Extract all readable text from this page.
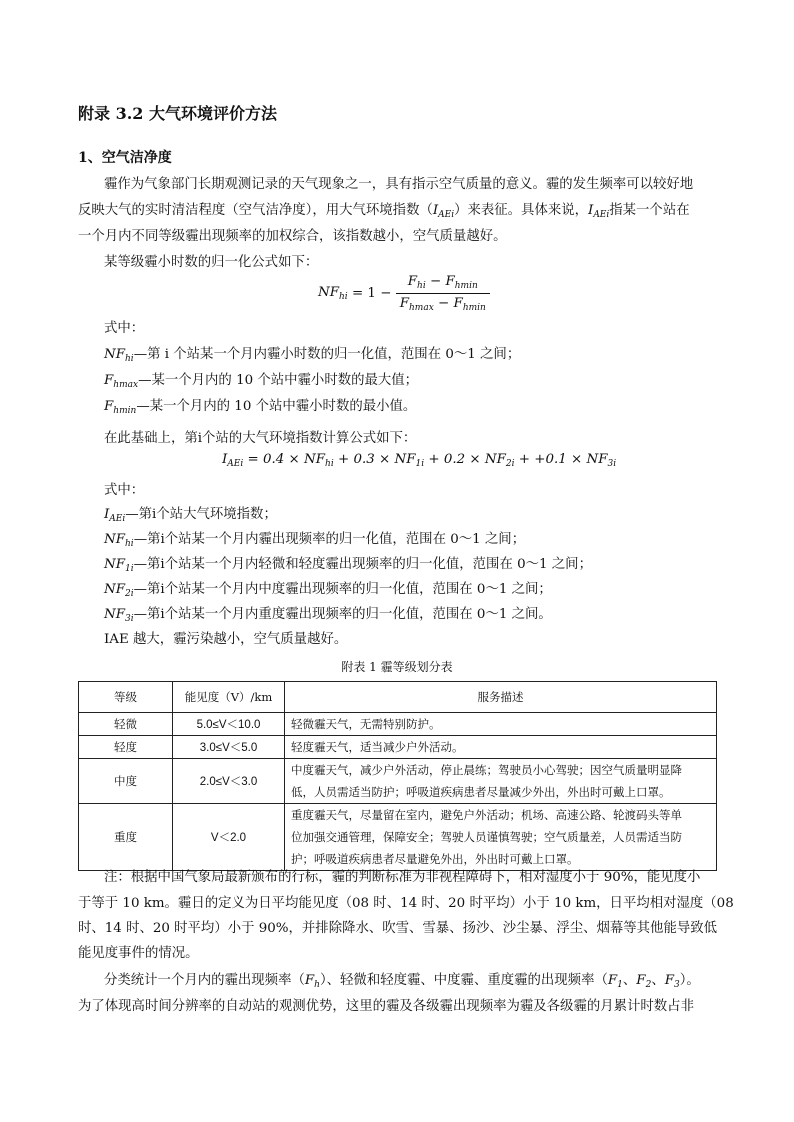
附录 3.2 大气环境评价方法
1、空气洁净度
霾作为气象部门长期观测记录的天气现象之一，具有指示空气质量的意义。霾的发生频率可以较好地
反映大气的实时清洁程度（空气洁净度），用大气环境指数$(I_{AEi})$来表征。具体来说，$I_{AEi}$指某一个站在
一个月内不同等级霾出现频率的加权综合，该指数越小，空气质量越好。
某等级霾小时数的归一化公式如下：
$NF_{hi} = 1 - \frac{F_{hi} - F_{hmin}}{F_{hmax} - F_{hmin}}$
式中：
$NF_{hi}—$第 i 个站某一个月内霾小时数的归一化值，范围在 0～1 之间；
$F_{hmax}—$某一个月内的 10 个站中霾小时数的最大值；
$F_{hmin}—$某一个月内的 10 个站中霾小时数的最小值。
在此基础上，第i个站的大气环境指数计算公式如下：
$I_{AEi} = 0.4 \times NF_{hi} + 0.3 \times NF_{1i} + 0.2 \times NF_{2i} + +0.1 \times NF_{3i}$
式中：
$I_{AEi}—$第i个站大气环境指数；
$NF_{hi}—$第i个站某一个月内霾出现频率的归一化值，范围在 0～1 之间；
$NF_{1i}—$第i个站某一个月内轻微和轻度霾出现频率的归一化值，范围在 0～1 之间；
$NF_{2i}—$第i个站某一个月内中度霾出现频率的归一化值，范围在 0～1 之间；
$NF_{3i}—$第i个站某一个月内重度霾出现频率的归一化值，范围在 0～1 之间。
IAE 越大，霾污染越小，空气质量越好。
附表 1 霾等级划分表
等级	能见度（V）/km	服务描述
轻微	5.0≤V＜10.0	轻微霾天气，无需特别防护。

轻度	3.0≤V＜5.0	轻度霾天气，适当减少户外活动。

中度	2.0≤V＜3.0	中度霾天气，减少户外活动，停止晨练；驾驶员小心驾驶；因空气质量明显降
低，人员需适当防护；呼吸道疾病患者尽量减少外出，外出时可戴上口罩。

重度	V＜2.0	重度霾天气，尽量留在室内，避免户外活动；机场、高速公路、轮渡码头等单
位加强交通管理，保障安全；驾驶人员谨慎驾驶；空气质量差，人员需适当防
护；呼吸道疾病患者尽量避免外出，外出时可戴上口罩。
注：根据中国气象局最新颁布的行标，霾的判断标准为非视程障碍下，相对湿度小于 90%，能见度小
于等于 10 km。霾日的定义为日平均能见度（08 时、14 时、20 时平均）小于 10 km，日平均相对湿度（08
时、14 时、20 时平均）小于 90%，并排除降水、吹雪、雪暴、扬沙、沙尘暴、浮尘、烟幕等其他能导致低
能见度事件的情况。
分类统计一个月内的霾出现频率$(F_h)$、轻微和轻度霾、中度霾、重度霾的出现频率（$F_1$、$F_2$、$F_3$）。
为了体现高时间分辨率的自动站的观测优势，这里的霾及各级霾出现频率为霾及各级霾的月累计时数占非
